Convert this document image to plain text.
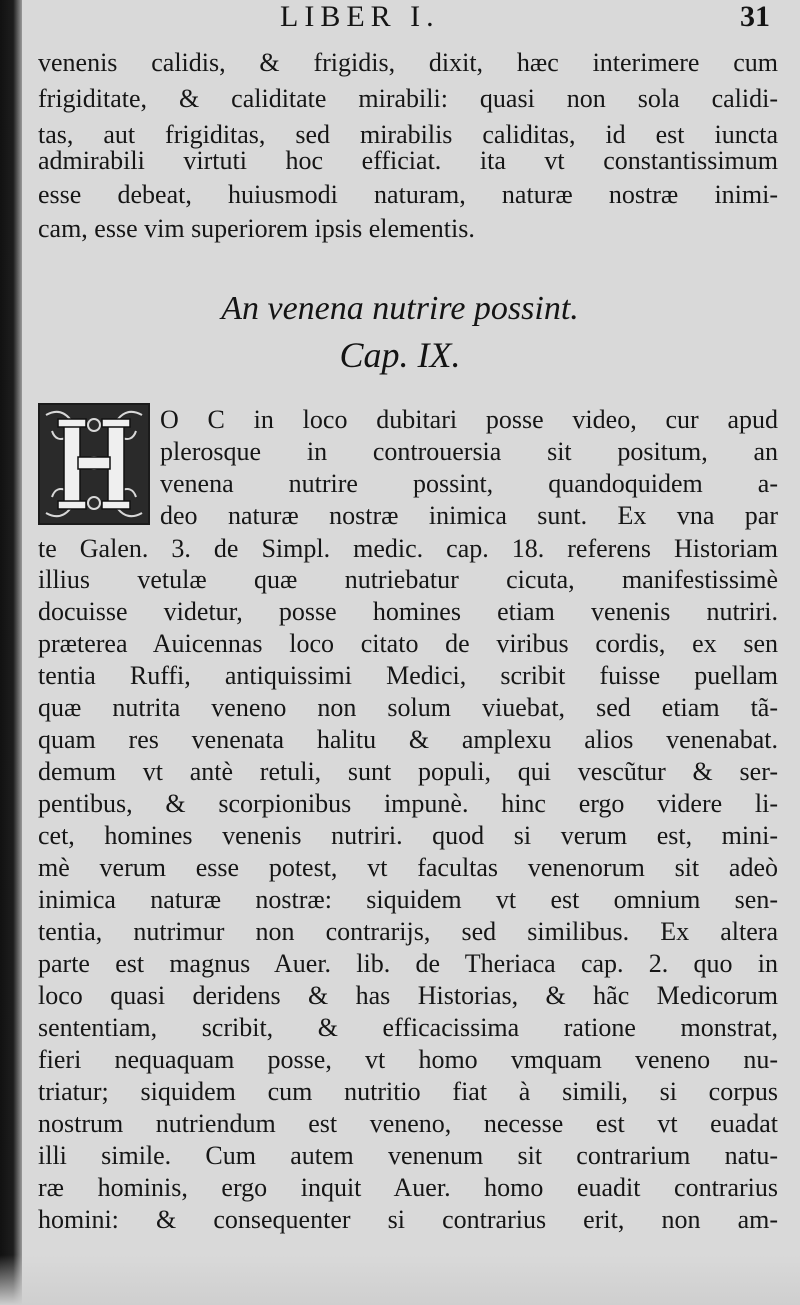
LIBER I.	31
venenis calidis, & frigidis, dixit, hæc interimere cum
frigiditate, & caliditate mirabili: quasi non sola calidi-
tas, aut frigiditas, sed mirabilis caliditas, id est iuncta
admirabili virtuti hoc efficiat. ita vt constantissimum
esse debeat, huiusmodi naturam, naturæ nostræ inimi-
cam, esse vim superiorem ipsis elementis.
An venena nutrire possint.
Cap. IX.
O C in loco dubitari posse video, cur apud
plerosque in controuersia sit positum, an
venena nutrire possint, quandoquidem a-
deo naturæ nostræ inimica sunt. Ex vna par
te Galen. 3. de Simpl. medic. cap. 18. referens Historiam
illius vetulæ quæ nutriebatur cicuta, manifestissimè
docuisse videtur, posse homines etiam venenis nutriri.
præterea Auicennas loco citato de viribus cordis, ex sen
tentia Ruffi, antiquissimi Medici, scribit fuisse puellam
quæ nutrita veneno non solum viuebat, sed etiam tã-
quam res venenata halitu & amplexu alios venenabat.
demum vt antè retuli, sunt populi, qui vescũtur & ser-
pentibus, & scorpionibus impunè. hinc ergo videre li-
cet, homines venenis nutriri. quod si verum est, mini-
mè verum esse potest, vt facultas venenorum sit adeò
inimica naturæ nostræ: siquidem vt est omnium sen-
tentia, nutrimur non contrarijs, sed similibus. Ex altera
parte est magnus Auer. lib. de Theriaca cap. 2. quo in
loco quasi deridens & has Historias, & hãc Medicorum
sententiam, scribit, & efficacissima ratione monstrat,
fieri nequaquam posse, vt homo vmquam veneno nu-
triatur; siquidem cum nutritio fiat à simili, si corpus
nostrum nutriendum est veneno, necesse est vt euadat
illi simile. Cum autem venenum sit contrarium natu-
ræ hominis, ergo inquit Auer. homo euadit contrarius
homini: & consequenter si contrarius erit, non am-
